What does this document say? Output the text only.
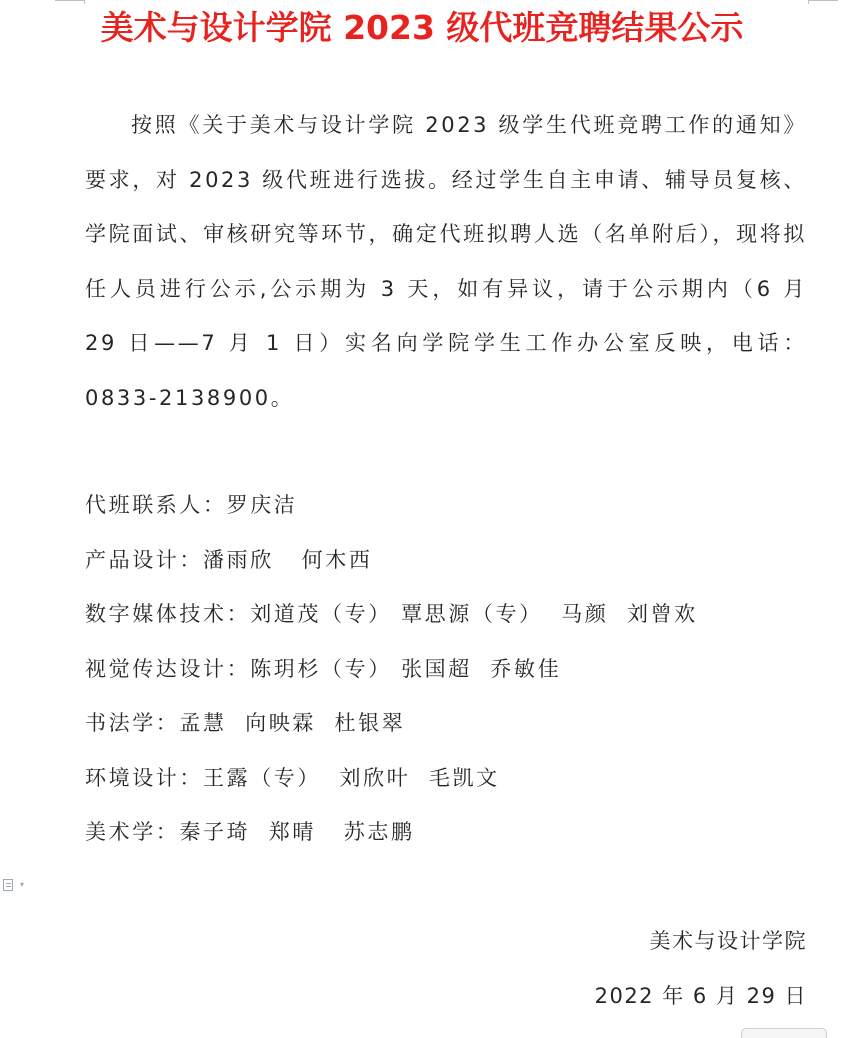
美术与设计学院 2023 级代班竞聘结果公示

按照《关于美术与设计学院 2023 级学生代班竞聘工作的通知》要求，对 2023 级代班进行选拔。经过学生自主申请、辅导员复核、学院面试、审核研究等环节，确定代班拟聘人选（名单附后），现将拟任人员进行公示,公示期为 3 天，如有异议，请于公示期内（6 月 29 日——7 月 1 日）实名向学院学生工作办公室反映，电话：0833-2138900。

代班联系人：罗庆洁
产品设计：潘雨欣   何木西
数字媒体技术：刘道茂（专） 覃思源（专）  马颜  刘曾欢
视觉传达设计：陈玥杉（专） 张国超  乔敏佳
书法学：孟慧  向映霖  杜银翠
环境设计：王露（专）  刘欣叶  毛凯文
美术学：秦子琦  郑晴   苏志鹏
▾
美术与设计学院
2022 年 6 月 29 日
